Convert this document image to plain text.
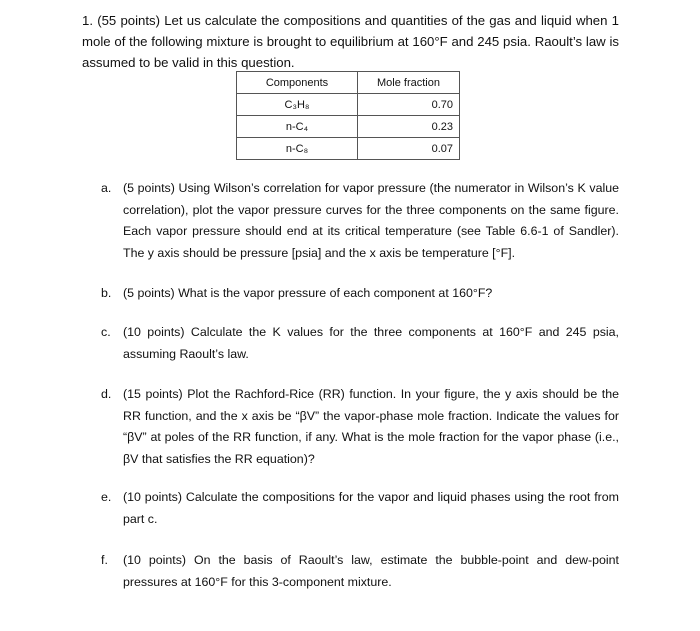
1. (55 points) Let us calculate the compositions and quantities of the gas and liquid when 1 mole of the following mixture is brought to equilibrium at 160°F and 245 psia. Raoult’s law is assumed to be valid in this question.
Components	Mole fraction
C₃H₈	0.70
n-C₄	0.23
n-C₈	0.07
a. (5 points) Using Wilson’s correlation for vapor pressure (the numerator in Wilson’s K value correlation), plot the vapor pressure curves for the three components on the same figure. Each vapor pressure should end at its critical temperature (see Table 6.6-1 of Sandler). The y axis should be pressure [psia] and the x axis be temperature [°F].
b. (5 points) What is the vapor pressure of each component at 160°F?
c. (10 points) Calculate the K values for the three components at 160°F and 245 psia, assuming Raoult’s law.
d. (15 points) Plot the Rachford-Rice (RR) function. In your figure, the y axis should be the RR function, and the x axis be “βV” the vapor-phase mole fraction. Indicate the values for “βV” at poles of the RR function, if any. What is the mole fraction for the vapor phase (i.e., βV that satisfies the RR equation)?
e. (10 points) Calculate the compositions for the vapor and liquid phases using the root from part c.
f. (10 points) On the basis of Raoult’s law, estimate the bubble-point and dew-point pressures at 160°F for this 3-component mixture.
